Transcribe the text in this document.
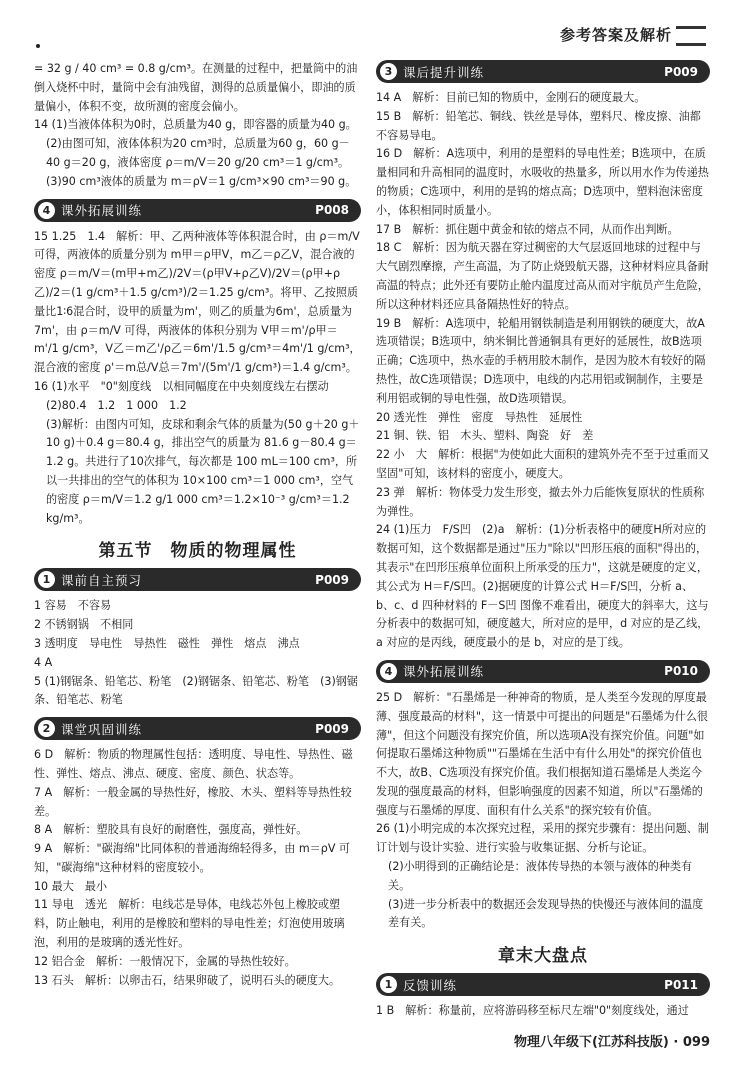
参考答案及解析

= 32 g / 40 cm³ = 0.8 g/cm³。在测量的过程中，把量筒中的油倒入烧杯中时，量筒中会有油残留，测得的总质量偏小，即油的质量偏小，体积不变，故所测的密度会偏小。

14 (1)当液体体积为0时，总质量为40 g，即容器的质量为40 g。

(2)由图可知，液体体积为20 cm³时，总质量为60 g，60 g－40 g＝20 g，液体密度 ρ＝m/V＝20 g/20 cm³＝1 g/cm³。

(3)90 cm³液体的质量为 m＝ρV＝1 g/cm³×90 cm³＝90 g。

4 课外拓展训练	P008

15 1.25　1.4　解析：甲、乙两种液体等体积混合时，由 ρ＝m/V 可得，两液体的质量分别为 m甲＝ρ甲V，m乙＝ρ乙V，混合液的密度 ρ＝m/V＝(m甲+m乙)/2V＝(ρ甲V+ρ乙V)/2V＝(ρ甲+ρ乙)/2＝(1 g/cm³＋1.5 g/cm³)/2＝1.25 g/cm³。将甲、乙按照质量比1∶6混合时，设甲的质量为m'，则乙的质量为6m'，总质量为7m'，由 ρ＝m/V 可得，两液体的体积分别为 V甲＝m'/ρ甲＝m'/1 g/cm³，V乙＝m乙'/ρ乙＝6m'/1.5 g/cm³＝4m'/1 g/cm³，混合液的密度 ρ'＝m总/V总＝7m'/(5m'/1 g/cm³)＝1.4 g/cm³。

16 (1)水平　"0"刻度线　以相同幅度在中央刻度线左右摆动

(2)80.4　1.2　1 000　1.2

(3)解析：由图内可知，皮球和剩余气体的质量为(50 g＋20 g＋10 g)＋0.4 g＝80.4 g，排出空气的质量为 81.6 g－80.4 g＝1.2 g。共进行了10次排气，每次都是 100 mL＝100 cm³，所以一共排出的空气的体积为 10×100 cm³＝1 000 cm³，空气的密度 ρ＝m/V＝1.2 g/1 000 cm³＝1.2×10⁻³ g/cm³＝1.2 kg/m³。

第五节　物质的物理属性
1 课前自主预习	P009

1 容易　不容易

2 不锈钢锅　不相同

3 透明度　导电性　导热性　磁性　弹性　熔点　沸点

4 A

5 (1)钢锯条、铅笔芯、粉笔　(2)钢锯条、铅笔芯、粉笔　(3)钢锯条、铅笔芯、粉笔

2 课堂巩固训练	P009

6 D　解析：物质的物理属性包括：透明度、导电性、导热性、磁性、弹性、熔点、沸点、硬度、密度、颜色、状态等。

7 A　解析：一般金属的导热性好，橡胶、木头、塑料等导热性较差。

8 A　解析：塑胶具有良好的耐磨性，强度高，弹性好。

9 A　解析："碳海绵"比同体积的普通海绵轻得多，由 m＝ρV 可知，"碳海绵"这种材料的密度较小。

10 最大　最小

11 导电　透光　解析：电线芯是导体，电线芯外包上橡胶或塑料，防止触电，利用的是橡胶和塑料的导电性差；灯泡使用玻璃泡，利用的是玻璃的透光性好。

12 铝合金　解析：一般情况下，金属的导热性较好。

13 石头　解析：以卵击石，结果卵破了，说明石头的硬度大。

3 课后提升训练	P009

14 A　解析：目前已知的物质中，金刚石的硬度最大。

15 B　解析：铅笔芯、铜线、铁丝是导体，塑料尺、橡皮擦、油都不容易导电。

16 D　解析：A选项中，利用的是塑料的导电性差；B选项中，在质量相同和升高相同的温度时，水吸收的热量多，所以用水作为传递热的物质；C选项中，利用的是钨的熔点高；D选项中，塑料泡沫密度小，体积相同时质量小。

17 B　解析：抓住题中黄金和铱的熔点不同，从而作出判断。

18 C　解析：因为航天器在穿过稠密的大气层返回地球的过程中与大气剧烈摩擦，产生高温，为了防止烧毁航天器，这种材料应具备耐高温的特点；此外还有要防止舱内温度过高从而对宇航员产生危险，所以这种材料还应具备隔热性好的特点。

19 B　解析：A选项中，轮船用钢铁制造是利用钢铁的硬度大，故A选项错误；B选项中，纳米铜比普通铜具有更好的延展性，故B选项正确；C选项中，热水壶的手柄用胶木制作，是因为胶木有较好的隔热性，故C选项错误；D选项中，电线的内芯用铝或铜制作，主要是利用铝或铜的导电性强，故D选项错误。

20 透光性　弹性　密度　导热性　延展性

21 铜、铁、铝　木头、塑料、陶瓷　好　差

22 小　大　解析：根据"为使如此大面积的建筑外壳不至于过重而又坚固"可知，该材料的密度小，硬度大。

23 弹　解析：物体受力发生形变，撤去外力后能恢复原状的性质称为弹性。

24 (1)压力　F/S凹　(2)a　解析：(1)分析表格中的硬度H所对应的数据可知，这个数据都是通过"压力"除以"凹形压痕的面积"得出的，其表示"在凹形压痕单位面积上所承受的压力"，这就是硬度的定义，其公式为 H＝F/S凹。(2)据硬度的计算公式 H＝F/S凹，分析 a、b、c、d 四种材料的 F－S凹 图像不难看出，硬度大的斜率大，这与分析表中的数据可知，硬度越大，所对应的是甲，d 对应的是乙线，a 对应的是丙线，硬度最小的是 b，对应的是丁线。

4 课外拓展训练	P010

25 D　解析："石墨烯是一种神奇的物质，是人类至今发现的厚度最薄、强度最高的材料"，这一情景中可提出的问题是"石墨烯为什么很薄"，但这个问题没有探究价值，所以选项A没有探究价值。问题"如何提取石墨烯这种物质""石墨烯在生活中有什么用处"的探究价值也不大，故B、C选项没有探究价值。我们根据知道石墨烯是人类迄今发现的强度最高的材料，但影响强度的因素不知道，所以"石墨烯的强度与石墨烯的厚度、面积有什么关系"的探究较有价值。

26 (1)小明完成的本次探究过程，采用的探究步骤有：提出问题、制订计划与设计实验、进行实验与收集证据、分析与论证。

(2)小明得到的正确结论是：液体传导热的本领与液体的种类有关。

(3)进一步分析表中的数据还会发现导热的快慢还与液体间的温度差有关。

章末大盘点
1 反馈训练	P011

1 B　解析：称量前，应将游码移至标尺左端"0"刻度线处，通过

物理八年级下(江苏科技版) · 099
